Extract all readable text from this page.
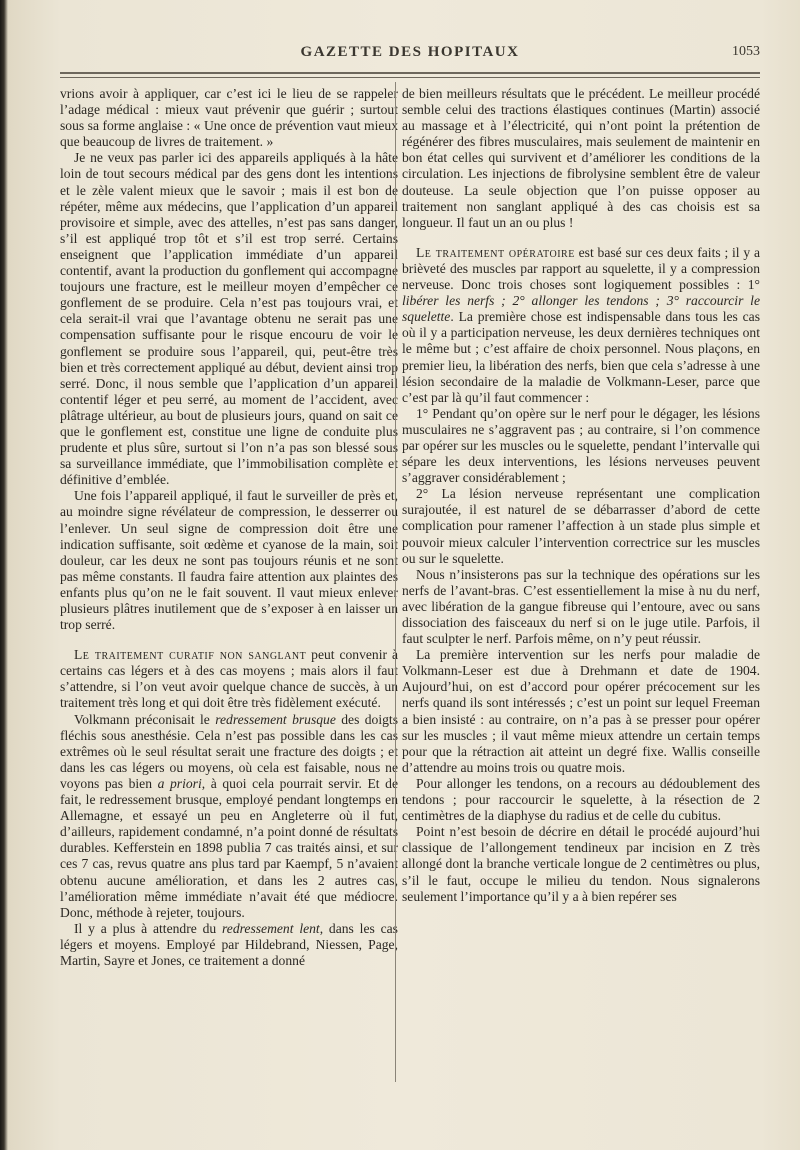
GAZETTE DES HOPITAUX	1053

vrions avoir à appliquer, car c’est ici le lieu de se rappeler l’adage médical : mieux vaut prévenir que guérir ; surtout sous sa forme anglaise : « Une once de prévention vaut mieux que beaucoup de livres de traitement. »

Je ne veux pas parler ici des appareils appliqués à la hâte loin de tout secours médical par des gens dont les intentions et le zèle valent mieux que le savoir ; mais il est bon de répéter, même aux médecins, que l’application d’un appareil provisoire et simple, avec des attelles, n’est pas sans danger, s’il est appliqué trop tôt et s’il est trop serré. Certains enseignent que l’application immédiate d’un appareil contentif, avant la production du gonflement qui accompagne toujours une fracture, est le meilleur moyen d’empêcher ce gonflement de se produire. Cela n’est pas toujours vrai, et cela serait-il vrai que l’avantage obtenu ne serait pas une compensation suffisante pour le risque encouru de voir le gonflement se produire sous l’appareil, qui, peut-être très bien et très correctement appliqué au début, devient ainsi trop serré. Donc, il nous semble que l’application d’un appareil contentif léger et peu serré, au moment de l’accident, avec plâtrage ultérieur, au bout de plusieurs jours, quand on sait ce que le gonflement est, constitue une ligne de conduite plus prudente et plus sûre, surtout si l’on n’a pas son blessé sous sa surveillance immédiate, que l’immobilisation complète et définitive d’emblée.

Une fois l’appareil appliqué, il faut le surveiller de près et, au moindre signe révélateur de compression, le desserrer ou l’enlever. Un seul signe de compression doit être une indication suffisante, soit œdème et cyanose de la main, soit douleur, car les deux ne sont pas toujours réunis et ne sont pas même constants. Il faudra faire attention aux plaintes des enfants plus qu’on ne le fait souvent. Il vaut mieux enlever plusieurs plâtres inutilement que de s’exposer à en laisser un trop serré.

Le traitement curatif non sanglant peut convenir à certains cas légers et à des cas moyens ; mais alors il faut s’attendre, si l’on veut avoir quelque chance de succès, à un traitement très long et qui doit être très fidèlement exécuté.

Volkmann préconisait le redressement brusque des doigts fléchis sous anesthésie. Cela n’est pas possible dans les cas extrêmes où le seul résultat serait une fracture des doigts ; et dans les cas légers ou moyens, où cela est faisable, nous ne voyons pas bien a priori, à quoi cela pourrait servir. Et de fait, le redressement brusque, employé pendant longtemps en Allemagne, et essayé un peu en Angleterre où il fut, d’ailleurs, rapidement condamné, n’a point donné de résultats durables. Kefferstein en 1898 publia 7 cas traités ainsi, et sur ces 7 cas, revus quatre ans plus tard par Kaempf, 5 n’avaient obtenu aucune amélioration, et dans les 2 autres cas, l’amélioration même immédiate n’avait été que médiocre. Donc, méthode à rejeter, toujours.

Il y a plus à attendre du redressement lent, dans les cas légers et moyens. Employé par Hildebrand, Niessen, Page, Martin, Sayre et Jones, ce traitement a donné

de bien meilleurs résultats que le précédent. Le meilleur procédé semble celui des tractions élastiques continues (Martin) associé au massage et à l’électricité, qui n’ont point la prétention de régénérer des fibres musculaires, mais seulement de maintenir en bon état celles qui survivent et d’améliorer les conditions de la circulation. Les injections de fibrolysine semblent être de valeur douteuse. La seule objection que l’on puisse opposer au traitement non sanglant appliqué à des cas choisis est sa longueur. Il faut un an ou plus !

Le traitement opératoire est basé sur ces deux faits ; il y a brièveté des muscles par rapport au squelette, il y a compression nerveuse. Donc trois choses sont logiquement possibles : 1° libérer les nerfs ; 2° allonger les tendons ; 3° raccourcir le squelette. La première chose est indispensable dans tous les cas où il y a participation nerveuse, les deux dernières techniques ont le même but ; c’est affaire de choix personnel. Nous plaçons, en premier lieu, la libération des nerfs, bien que cela s’adresse à une lésion secondaire de la maladie de Volkmann-Leser, parce que c’est par là qu’il faut commencer :

1° Pendant qu’on opère sur le nerf pour le dégager, les lésions musculaires ne s’aggravent pas ; au contraire, si l’on commence par opérer sur les muscles ou le squelette, pendant l’intervalle qui sépare les deux interventions, les lésions nerveuses peuvent s’aggraver considérablement ;

2° La lésion nerveuse représentant une complication surajoutée, il est naturel de se débarrasser d’abord de cette complication pour ramener l’affection à un stade plus simple et pouvoir mieux calculer l’intervention correctrice sur les muscles ou sur le squelette.

Nous n’insisterons pas sur la technique des opérations sur les nerfs de l’avant-bras. C’est essentiellement la mise à nu du nerf, avec libération de la gangue fibreuse qui l’entoure, avec ou sans dissociation des faisceaux du nerf si on le juge utile. Parfois, il faut sculpter le nerf. Parfois même, on n’y peut réussir.

La première intervention sur les nerfs pour maladie de Volkmann-Leser est due à Drehmann et date de 1904. Aujourd’hui, on est d’accord pour opérer précocement sur les nerfs quand ils sont intéressés ; c’est un point sur lequel Freeman a bien insisté : au contraire, on n’a pas à se presser pour opérer sur les muscles ; il vaut même mieux attendre un certain temps pour que la rétraction ait atteint un degré fixe. Wallis conseille d’attendre au moins trois ou quatre mois.

Pour allonger les tendons, on a recours au dédoublement des tendons ; pour raccourcir le squelette, à la résection de 2 centimètres de la diaphyse du radius et de celle du cubitus.

Point n’est besoin de décrire en détail le procédé aujourd’hui classique de l’allongement tendineux par incision en Z très allongé dont la branche verticale longue de 2 centimètres ou plus, s’il le faut, occupe le milieu du tendon. Nous signalerons seulement l’importance qu’il y a à bien repérer ses
